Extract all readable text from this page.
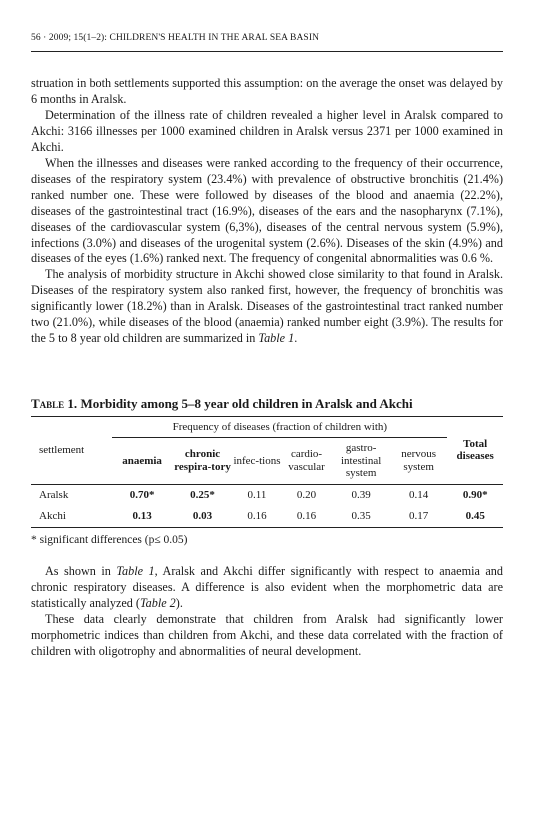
56 · 2009; 15(1–2): CHILDREN'S HEALTH IN THE ARAL SEA BASIN

struation in both settlements supported this assumption: on the average the onset was delayed by 6 months in Aralsk.

Determination of the illness rate of children revealed a higher level in Aralsk compared to Akchi: 3166 illnesses per 1000 examined children in Aralsk versus 2371 per 1000 examined in Akchi.

When the illnesses and diseases were ranked according to the frequency of their occurrence, diseases of the respiratory system (23.4%) with prevalence of obstructive bronchitis (21.4%) ranked number one. These were followed by diseases of the blood and anaemia (22.2%), diseases of the gastrointestinal tract (16.9%), diseases of the ears and the nasopharynx (7.1%), diseases of the cardiovascular system (6,3%), diseases of the central nervous system (5.9%), infections (3.0%) and diseases of the urogenital system (2.6%). Diseases of the skin (4.9%) and diseases of the eyes (1.6%) ranked next. The frequency of congenital abnormalities was 0.6 %.

The analysis of morbidity structure in Akchi showed close similarity to that found in Aralsk. Diseases of the respiratory system also ranked first, however, the frequency of bronchitis was significantly lower (18.2%) than in Aralsk. Diseases of the gastrointestinal tract ranked number two (21.0%), while diseases of the blood (anaemia) ranked number eight (3.9%). The results for the 5 to 8 year old children are summarized in Table 1.

Table 1. Morbidity among 5–8 year old children in Aralsk and Akchi
settlement	Frequency of diseases (fraction of children with)						Total diseases
	anaemia	chronic respira-tory	infec-tions	cardio-vascular	gastro-intestinal system	nervous system	

Aralsk	0.70*	0.25*	0.11	0.20	0.39	0.14	0.90*
Akchi	0.13	0.03	0.16	0.16	0.35	0.17	0.45
* significant differences (p≤ 0.05)

As shown in Table 1, Aralsk and Akchi differ significantly with respect to anaemia and chronic respiratory diseases. A difference is also evident when the morphometric data are statistically analyzed (Table 2).

These data clearly demonstrate that children from Aralsk had significantly lower morphometric indices than children from Akchi, and these data correlated with the fraction of children with oligotrophy and abnormalities of neural development.
